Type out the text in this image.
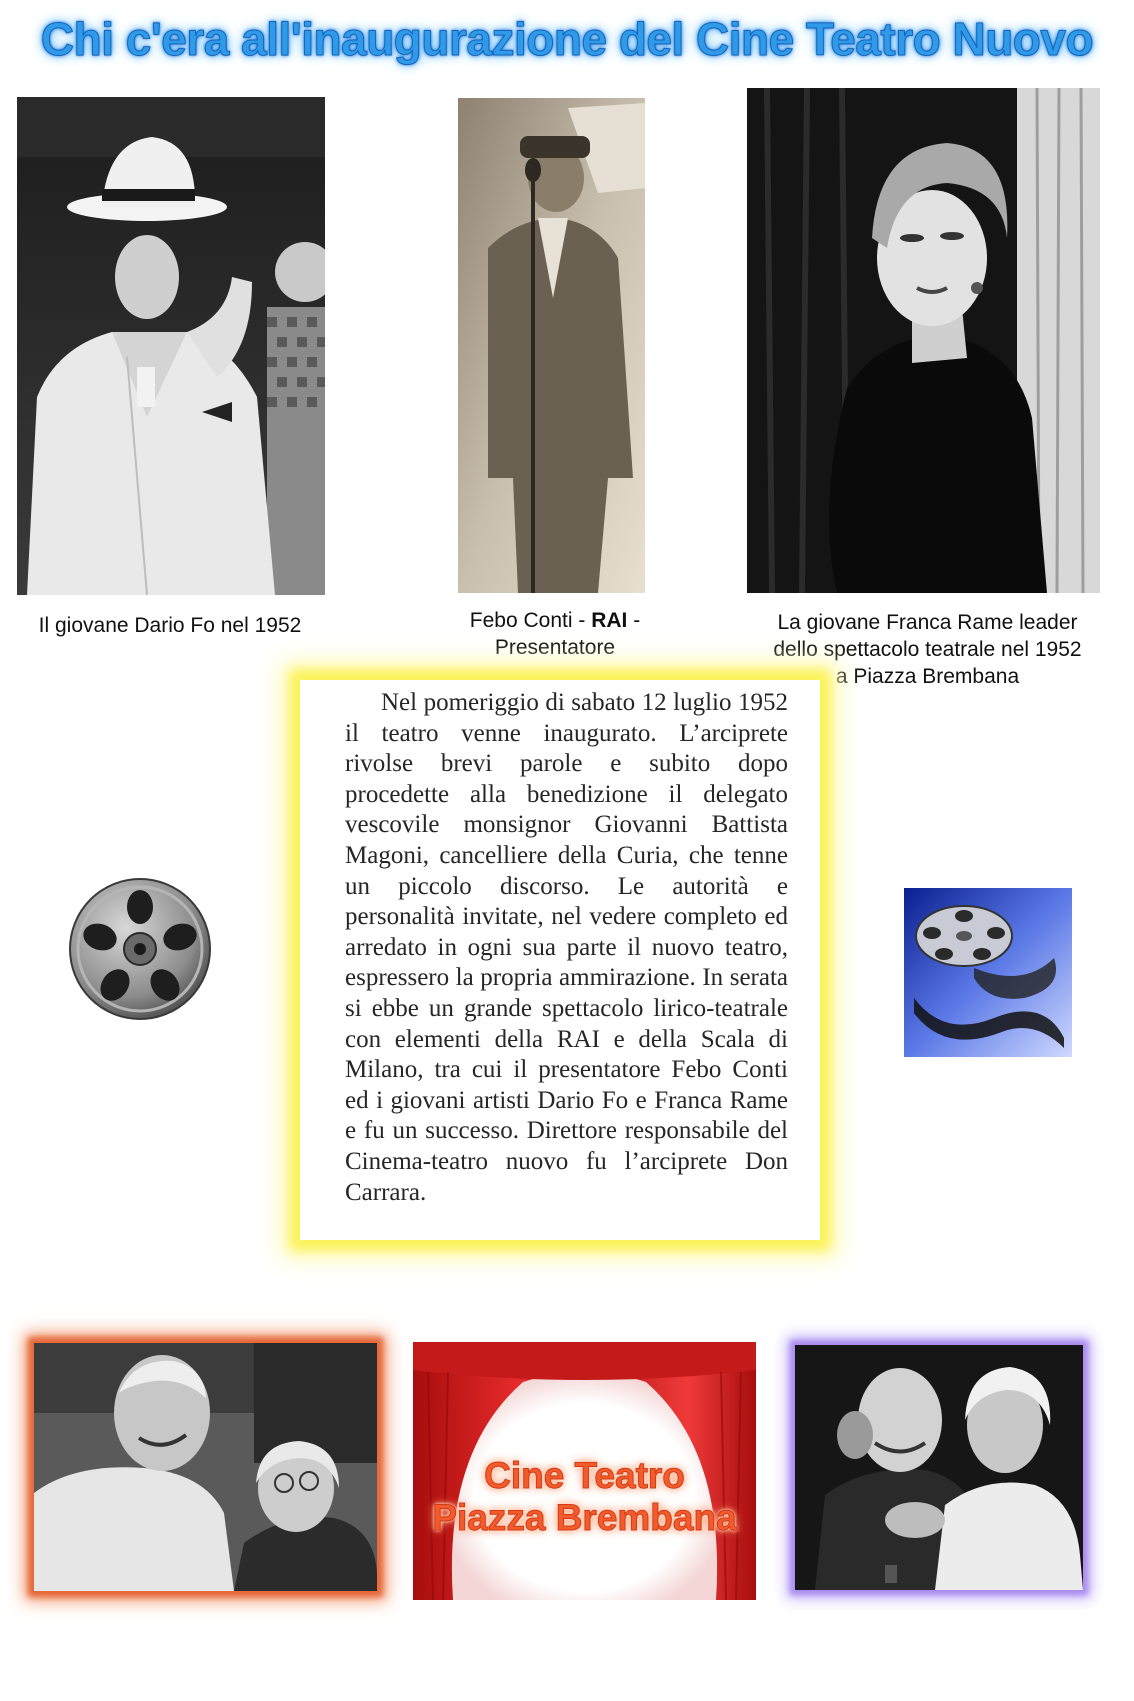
Chi c'era all'inaugurazione del Cine Teatro Nuovo
Il giovane Dario Fo nel 1952	Febo Conti - RAI -
Presentatore
La giovane Franca Rame leader
dello spettacolo teatrale nel 1952
a Piazza Brembana
Nel pomeriggio di sabato 12 luglio 1952 il teatro venne inaugurato. L’arciprete rivolse brevi parole e subito dopo procedette alla benedizione il delegato vescovile monsignor Giovanni Battista Magoni, cancelliere della Curia, che tenne un piccolo discorso. Le autorità e personalità invitate, nel vedere completo ed arredato in ogni sua parte il nuovo teatro, espressero la propria ammirazione. In serata si ebbe un grande spettacolo lirico-teatrale con elementi della RAI e della Scala di Milano, tra cui il presentatore Febo Conti ed i giovani artisti Dario Fo e Franca Rame e fu un successo. Direttore responsabile del Cinema-teatro nuovo fu l’arciprete Don Carrara.
Cine Teatro
Piazza Brembana
